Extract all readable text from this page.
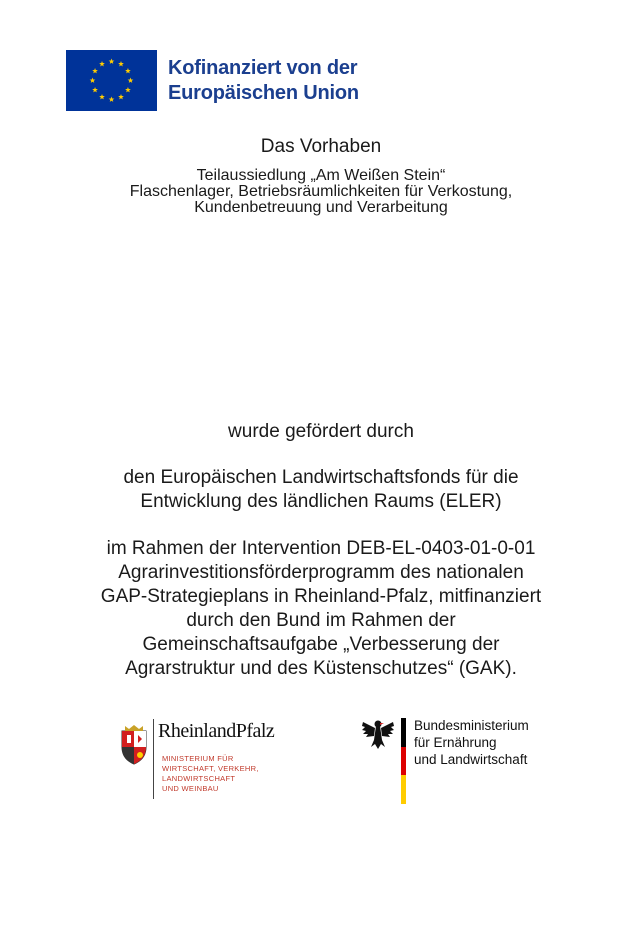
Kofinanziert von der
Europäischen Union
Das Vorhaben
Teilaussiedlung „Am Weißen Stein“
Flaschenlager, Betriebsräumlichkeiten für Verkostung,
Kundenbetreuung und Verarbeitung
wurde gefördert durch
den Europäischen Landwirtschaftsfonds für die
Entwicklung des ländlichen Raums (ELER)
im Rahmen der Intervention DEB-EL-0403-01-0-01
Agrarinvestitionsförderprogramm des nationalen
GAP-Strategieplans in Rheinland-Pfalz, mitfinanziert
durch den Bund im Rahmen der
Gemeinschaftsaufgabe „Verbesserung der
Agrarstruktur und des Küstenschutzes“ (GAK).
RheinlandPfalz
MINISTERIUM FÜR
WIRTSCHAFT, VERKEHR,
LANDWIRTSCHAFT
UND WEINBAU
Bundesministerium
für Ernährung
und Landwirtschaft
